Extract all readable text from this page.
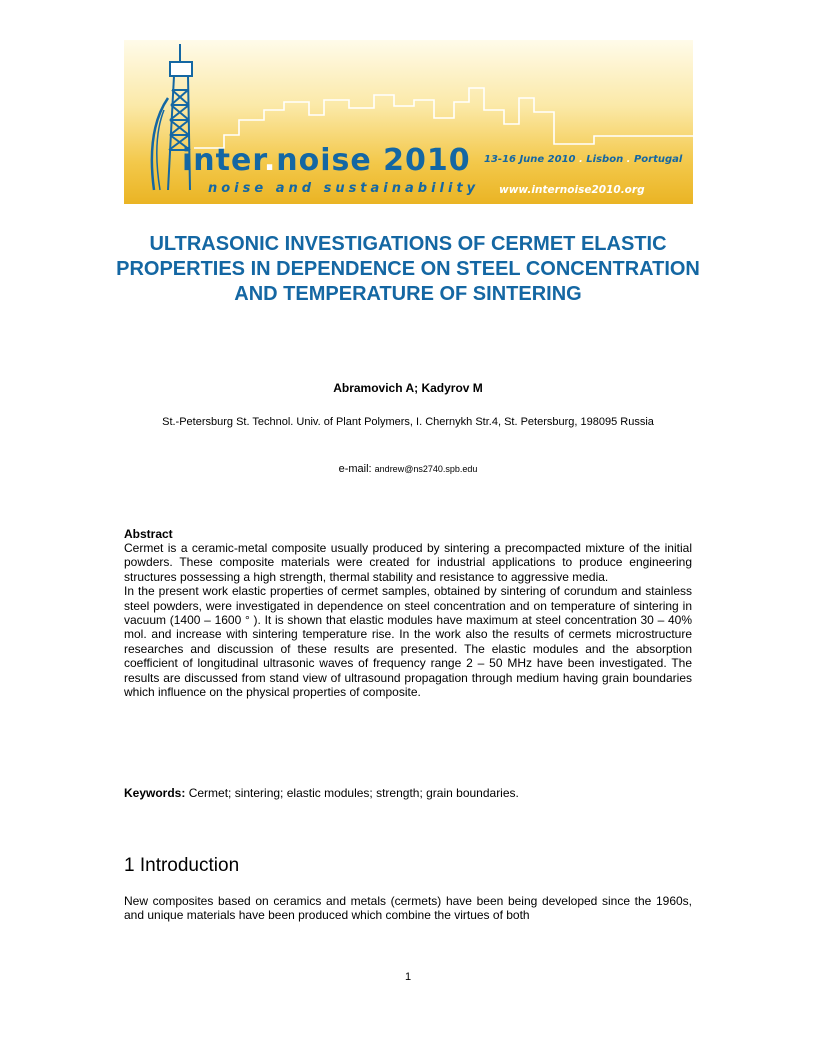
inter.noise 2010
noise and sustainability
13-16 June 2010 . Lisbon . Portugal
www.internoise2010.org
ULTRASONIC INVESTIGATIONS OF CERMET ELASTIC PROPERTIES IN DEPENDENCE ON STEEL CONCENTRATION AND TEMPERATURE OF SINTERING
Abramovich A; Kadyrov M
St.-Petersburg St. Technol. Univ. of Plant Polymers, I. Chernykh Str.4, St. Petersburg, 198095 Russia
e-mail: andrew@ns2740.spb.edu
Abstract

Cermet is a ceramic-metal composite usually produced by sintering a precompacted mixture of the initial powders. These composite materials were created for industrial applications to produce engineering structures possessing a high strength, thermal stability and resistance to aggressive media.

In the present work elastic properties of cermet samples, obtained by sintering of corundum and stainless steel powders, were investigated in dependence on steel concentration and on temperature of sintering in vacuum (1400 – 1600 ° ). It is shown that elastic modules have maximum at steel concentration 30 – 40% mol. and increase with sintering temperature rise. In the work also the results of cermets microstructure researches and discussion of these results are presented. The elastic modules and the absorption coefficient of longitudinal ultrasonic waves of frequency range 2 – 50 MHz have been investigated. The results are discussed from stand view of ultrasound propagation through medium having grain boundaries which influence on the physical properties of composite.

Keywords: Cermet; sintering; elastic modules; strength; grain boundaries.
1 Introduction

New composites based on ceramics and metals (cermets) have been being developed since the 1960s, and unique materials have been produced which combine the virtues of both

1
